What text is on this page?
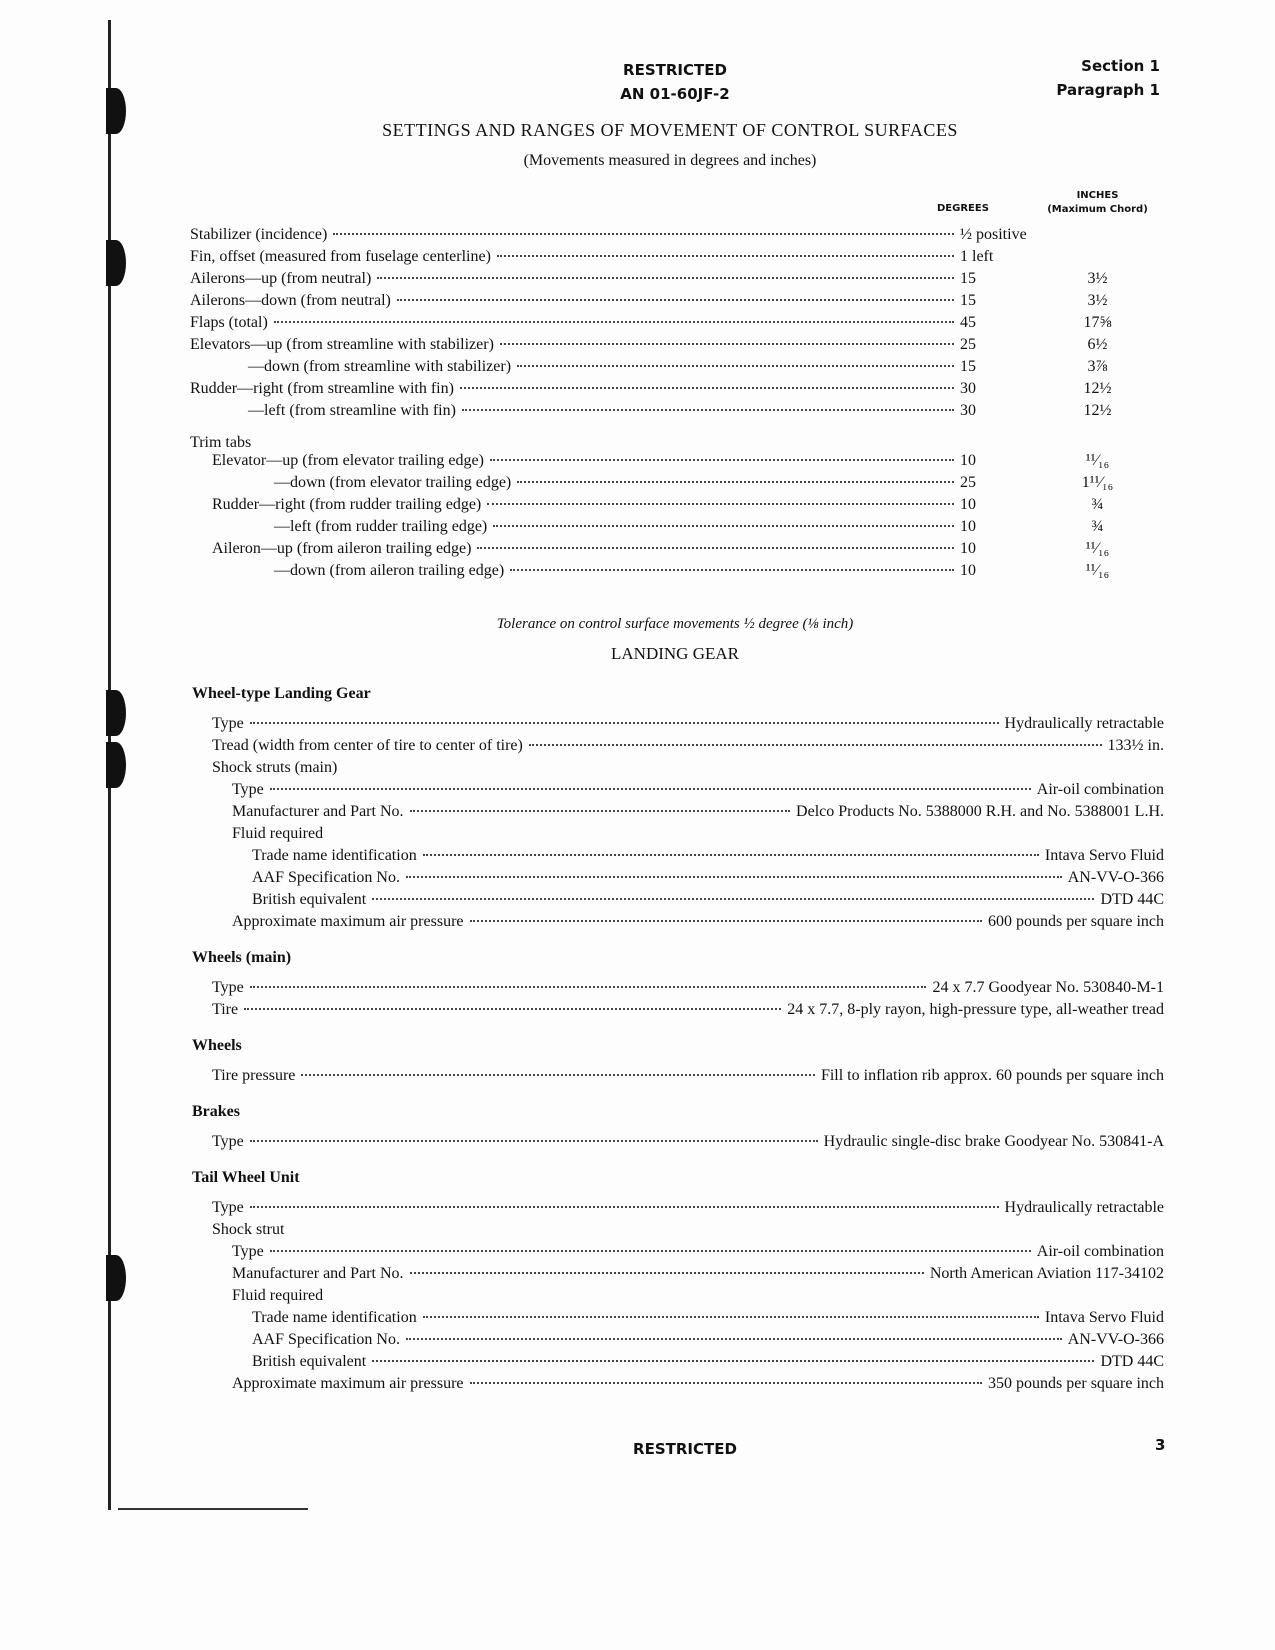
RESTRICTED
AN 01-60JF-2
Section 1
Paragraph 1
SETTINGS AND RANGES OF MOVEMENT OF CONTROL SURFACES
(Movements measured in degrees and inches)
DEGREES
INCHES
(Maximum Chord)
Stabilizer (incidence)	½ positive
Fin, offset (measured from fuselage centerline)	1 left
Ailerons—up (from neutral)	15	3½
Ailerons—down (from neutral)	15	3½
Flaps (total)	45	17⅝
Elevators—up (from streamline with stabilizer)	25	6½
—down (from streamline with stabilizer)	15	3⅞
Rudder—right (from streamline with fin)	30	12½
—left (from streamline with fin)	30	12½
Trim tabs
Elevator—up (from elevator trailing edge)	10	¹¹⁄₁₆
—down (from elevator trailing edge)	25	1¹¹⁄₁₆
Rudder—right (from rudder trailing edge)	10	¾
—left (from rudder trailing edge)	10	¾
Aileron—up (from aileron trailing edge)	10	¹¹⁄₁₆
—down (from aileron trailing edge)	10	¹¹⁄₁₆
Tolerance on control surface movements ½ degree (⅛ inch)
LANDING GEAR
Wheel-type Landing Gear
Type	Hydraulically retractable
Tread (width from center of tire to center of tire)	133½ in.
Shock struts (main)
Type	Air-oil combination
Manufacturer and Part No.	Delco Products No. 5388000 R.H. and No. 5388001 L.H.
Fluid required
Trade name identification	Intava Servo Fluid
AAF Specification No.	AN-VV-O-366
British equivalent	DTD 44C
Approximate maximum air pressure	600 pounds per square inch
Wheels (main)
Type	24 x 7.7 Goodyear No. 530840-M-1
Tire	24 x 7.7, 8-ply rayon, high-pressure type, all-weather tread
Wheels
Tire pressure	Fill to inflation rib approx. 60 pounds per square inch
Brakes
Type	Hydraulic single-disc brake Goodyear No. 530841-A
Tail Wheel Unit
Type	Hydraulically retractable
Shock strut
Type	Air-oil combination
Manufacturer and Part No.	North American Aviation 117-34102
Fluid required
Trade name identification	Intava Servo Fluid
AAF Specification No.	AN-VV-O-366
British equivalent	DTD 44C
Approximate maximum air pressure	350 pounds per square inch
RESTRICTED	3
